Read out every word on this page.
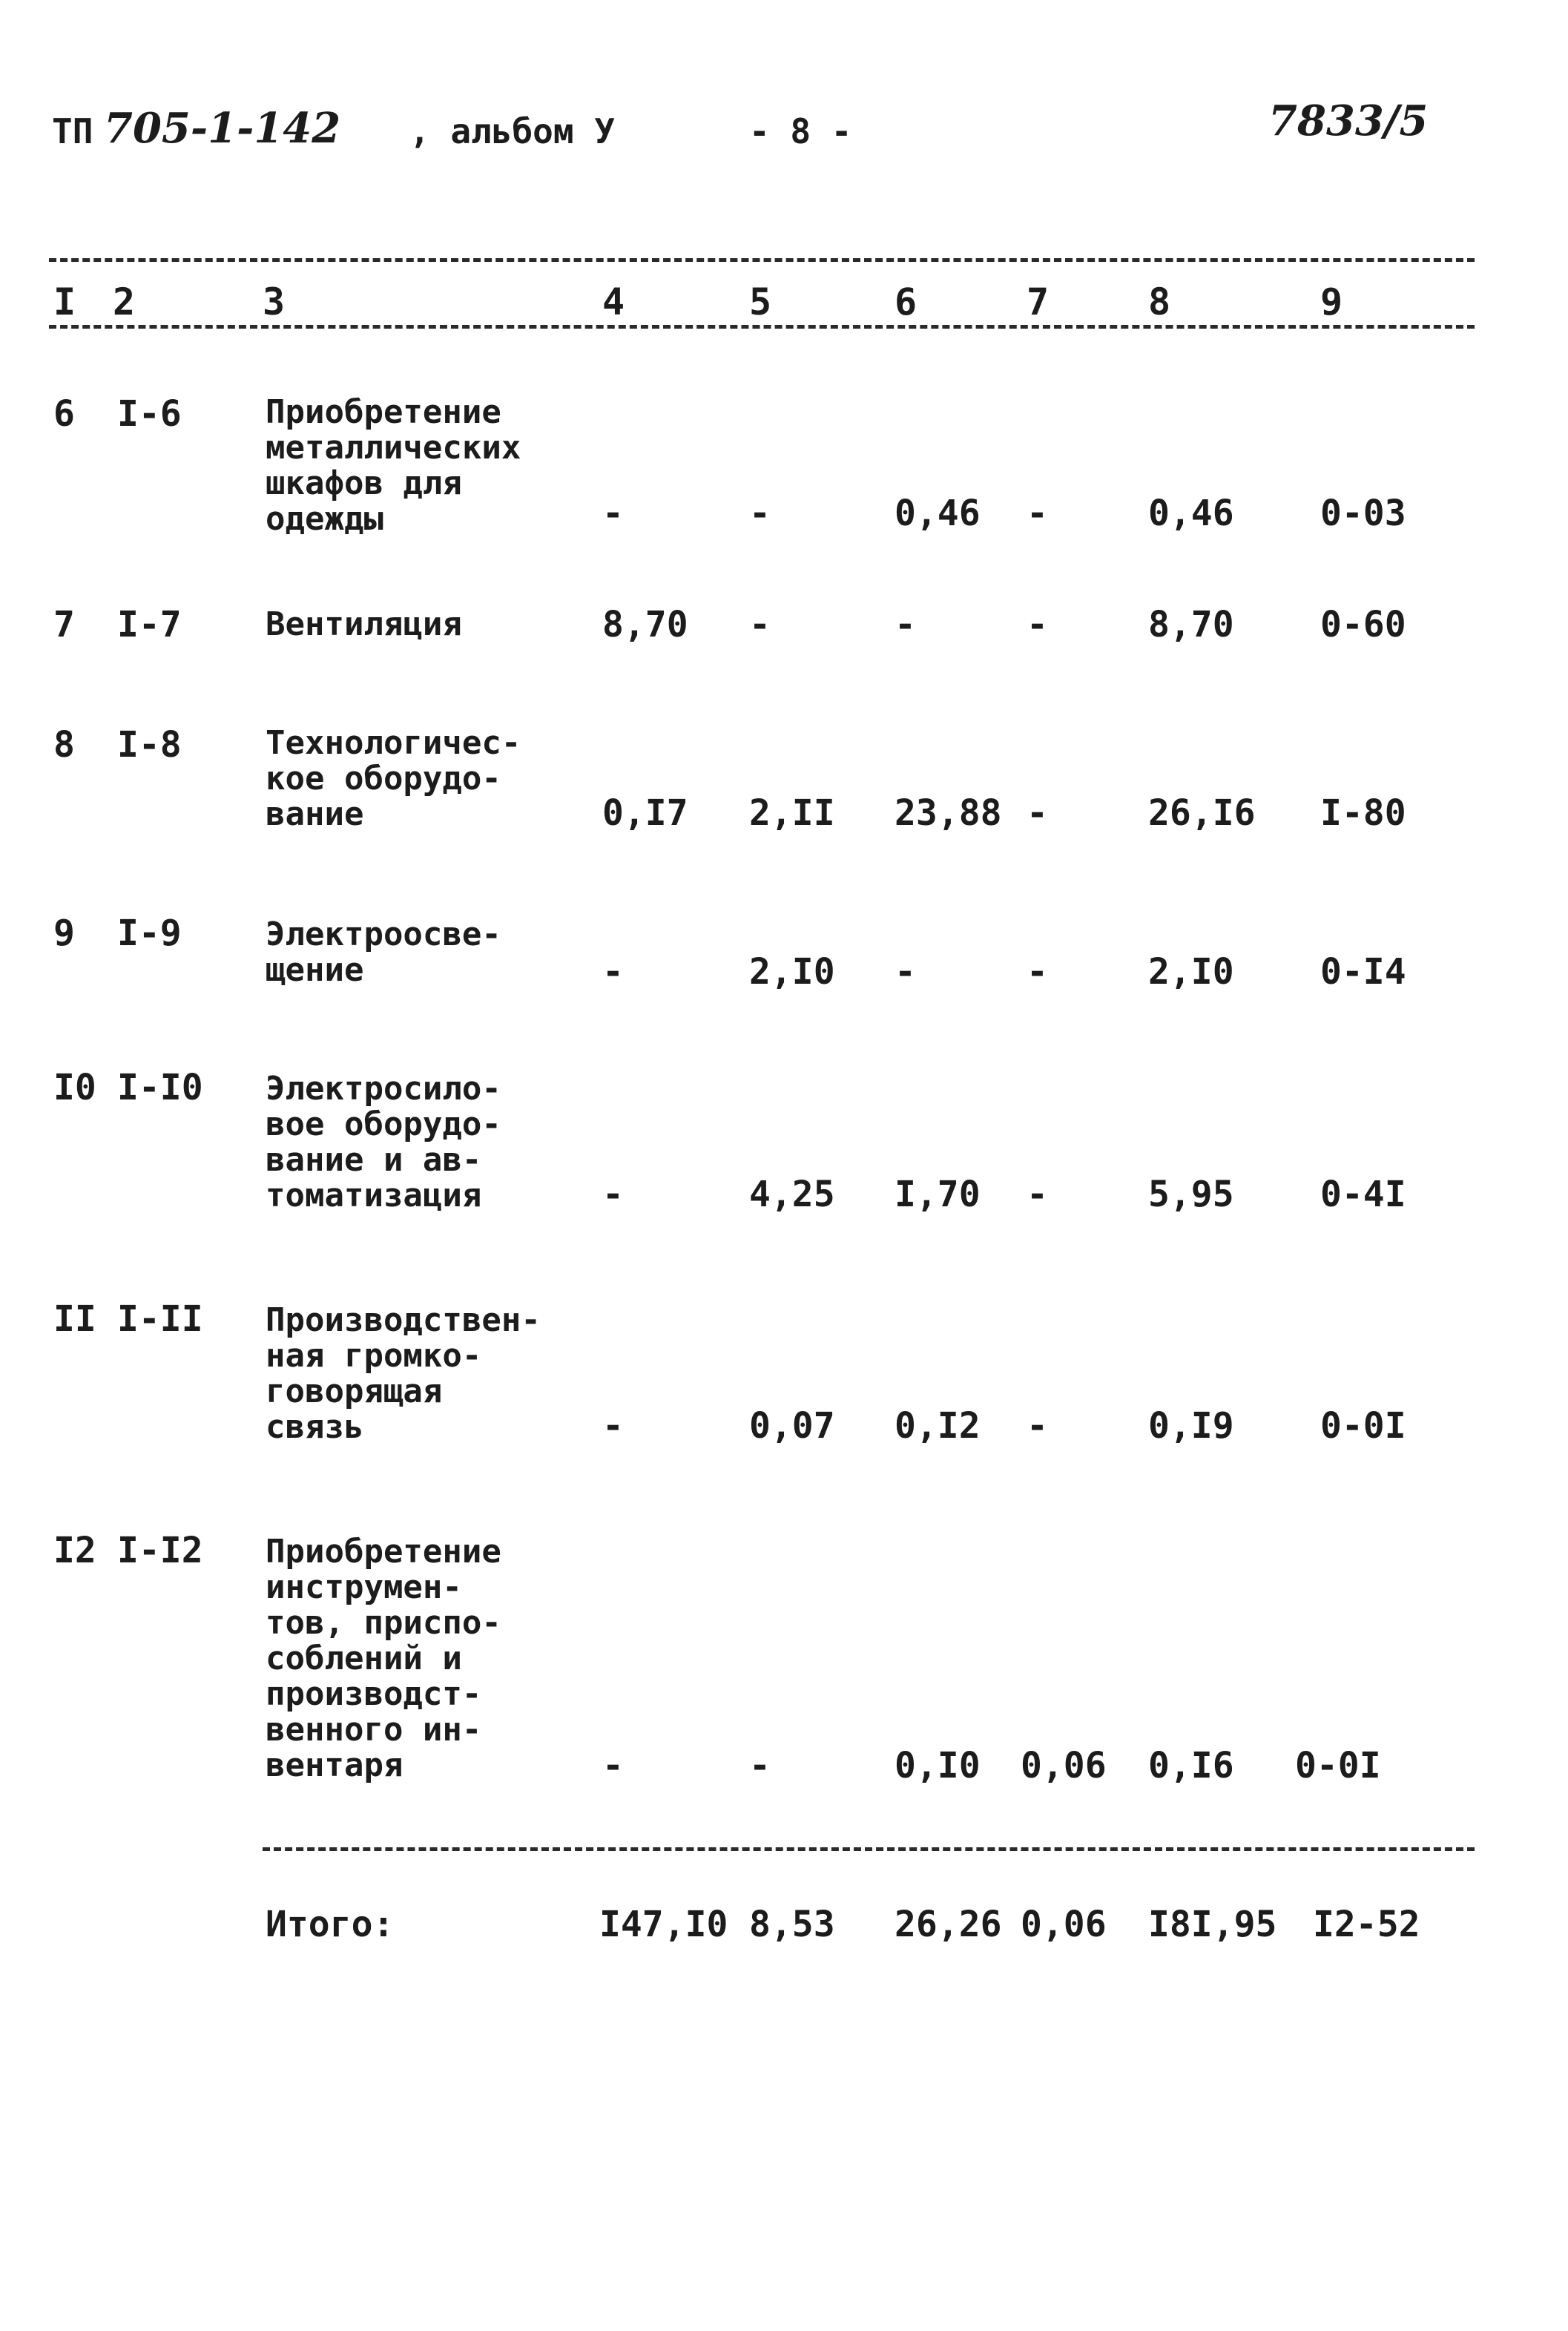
ТП 705-1-142 , альбом У	- 8 -	7833/5
I 2	3	4	5	6	7	8	9
6 I-6	Приобретение
металлических
шкафов для
одежды	-	-	0,46 -	0,46 0-03
7 I-7	Вентиляция	8,70 -	-	-	8,70 0-60
8 I-8	Технологичес-
кое оборудо-
вание	0,I7 2,II 23,88 -	26,I6 I-80
9 I-9	Электроосве-
щение	-	2,I0 -	-	2,I0 0-I4
I0 I-I0 Электросило-
вое оборудо-
вание и ав-
томатизация	-	4,25 I,70 -	5,95 0-4I
II I-II Производствен-
ная громко-
говорящая
связь	-	0,07 0,I2 -	0,I9 0-0I
I2 I-I2 Приобретение
инструмен-
тов, приспо-
соблений и
производст-
венного ин-
вентаря	-	-	0,I0 0,06 0,I6 0-0I
Итого:	I47,I0 8,53 26,26 0,06 I8I,95 I2-52
